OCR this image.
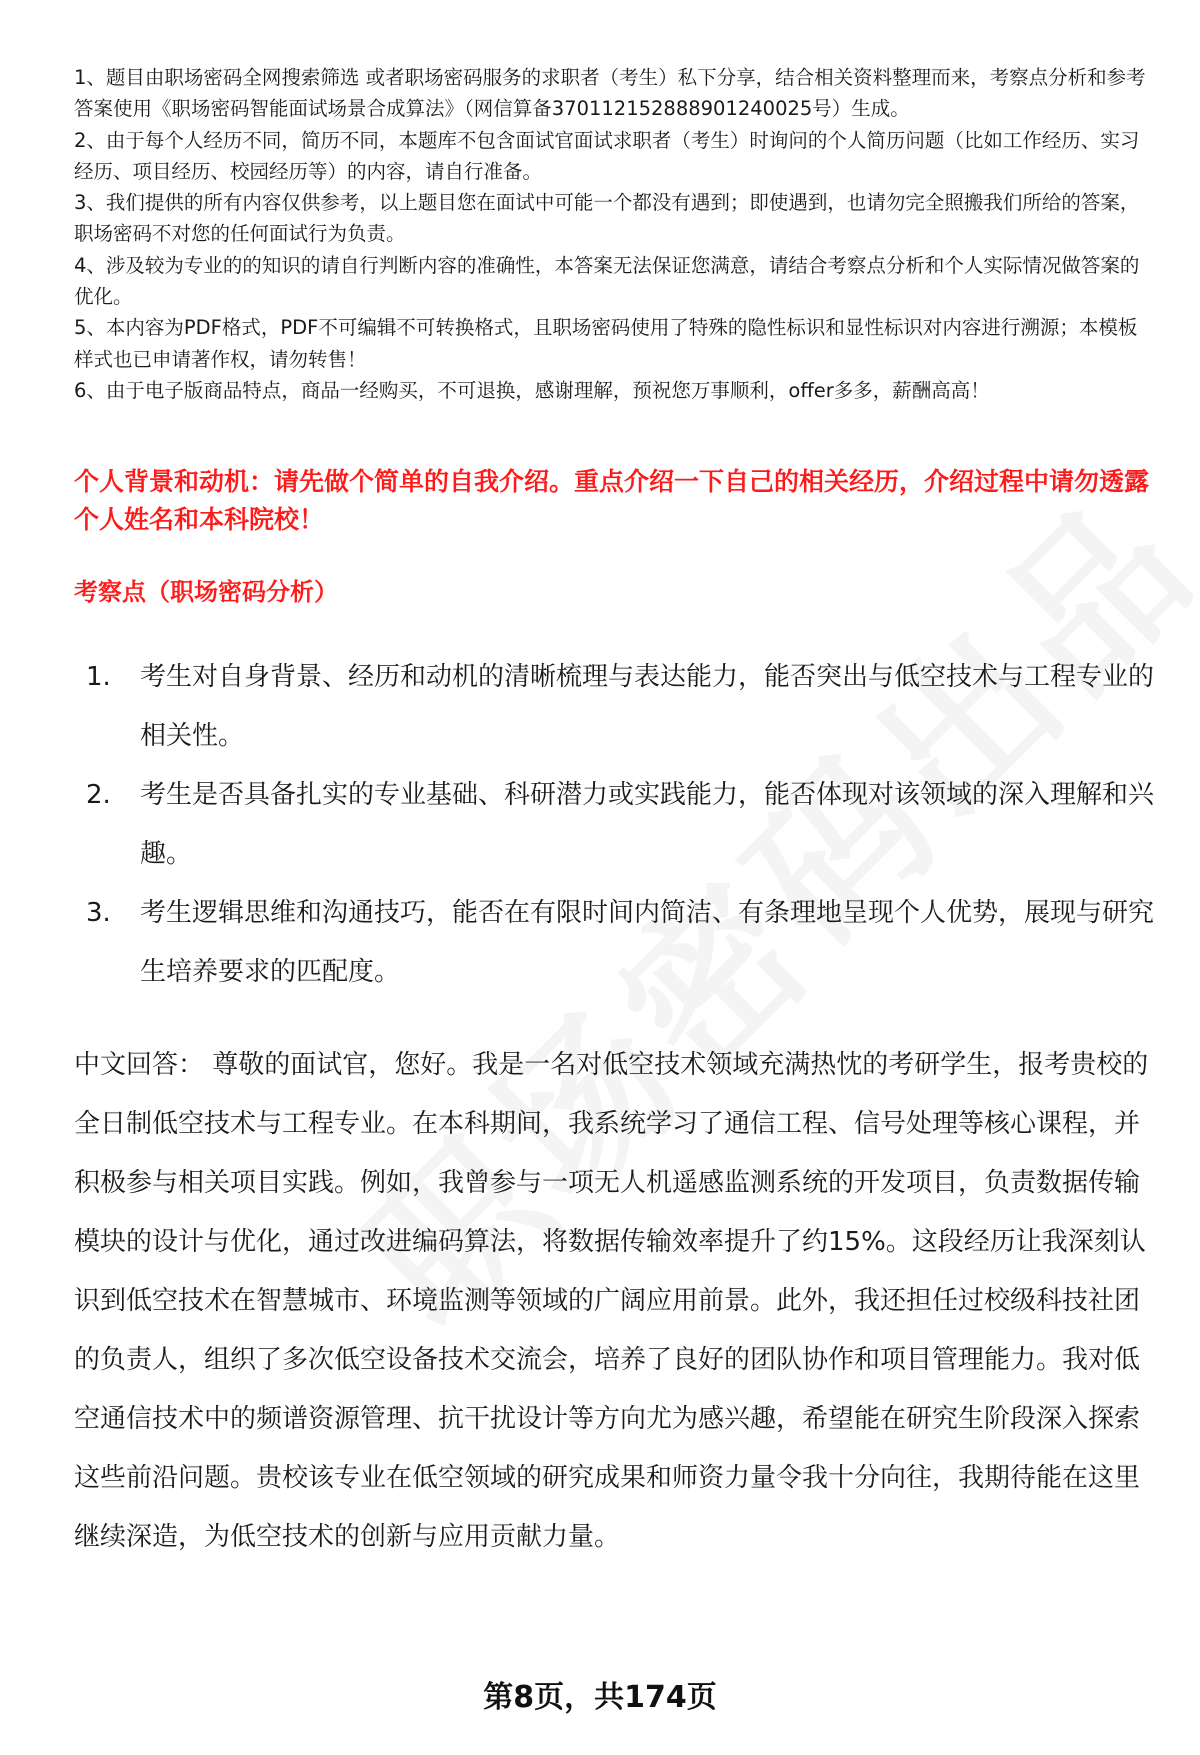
1、题目由职场密码全网搜索筛选 或者职场密码服务的求职者（考生）私下分享，结合相关资料整理而来，考察点分析和参考答案使用《职场密码智能面试场景合成算法》（网信算备370112152888901240025号）生成。

2、由于每个人经历不同，简历不同，本题库不包含面试官面试求职者（考生）时询问的个人简历问题（比如工作经历、实习经历、项目经历、校园经历等）的内容，请自行准备。

3、我们提供的所有内容仅供参考，以上题目您在面试中可能一个都没有遇到；即使遇到，也请勿完全照搬我们所给的答案，职场密码不对您的任何面试行为负责。

4、涉及较为专业的的知识的请自行判断内容的准确性，本答案无法保证您满意，请结合考察点分析和个人实际情况做答案的优化。

5、本内容为PDF格式，PDF不可编辑不可转换格式，且职场密码使用了特殊的隐性标识和显性标识对内容进行溯源；本模板样式也已申请著作权，请勿转售！

6、由于电子版商品特点，商品一经购买，不可退换，感谢理解，预祝您万事顺利，offer多多，薪酬高高！

个人背景和动机：请先做个简单的自我介绍。重点介绍一下自己的相关经历，介绍过程中请勿透露个人姓名和本科院校！

考察点（职场密码分析）

1.	考生对自身背景、经历和动机的清晰梳理与表达能力，能否突出与低空技术与工程专业的相关性。
2.	考生是否具备扎实的专业基础、科研潜力或实践能力，能否体现对该领域的深入理解和兴趣。
3.	考生逻辑思维和沟通技巧，能否在有限时间内简洁、有条理地呈现个人优势，展现与研究生培养要求的匹配度。

中文回答： 尊敬的面试官，您好。我是一名对低空技术领域充满热忱的考研学生，报考贵校的全日制低空技术与工程专业。在本科期间，我系统学习了通信工程、信号处理等核心课程，并积极参与相关项目实践。例如，我曾参与一项无人机遥感监测系统的开发项目，负责数据传输模块的设计与优化，通过改进编码算法，将数据传输效率提升了约15%。这段经历让我深刻认识到低空技术在智慧城市、环境监测等领域的广阔应用前景。此外，我还担任过校级科技社团的负责人，组织了多次低空设备技术交流会，培养了良好的团队协作和项目管理能力。我对低空通信技术中的频谱资源管理、抗干扰设计等方向尤为感兴趣，希望能在研究生阶段深入探索这些前沿问题。贵校该专业在低空领域的研究成果和师资力量令我十分向往，我期待能在这里继续深造，为低空技术的创新与应用贡献力量。

第8页，共174页
